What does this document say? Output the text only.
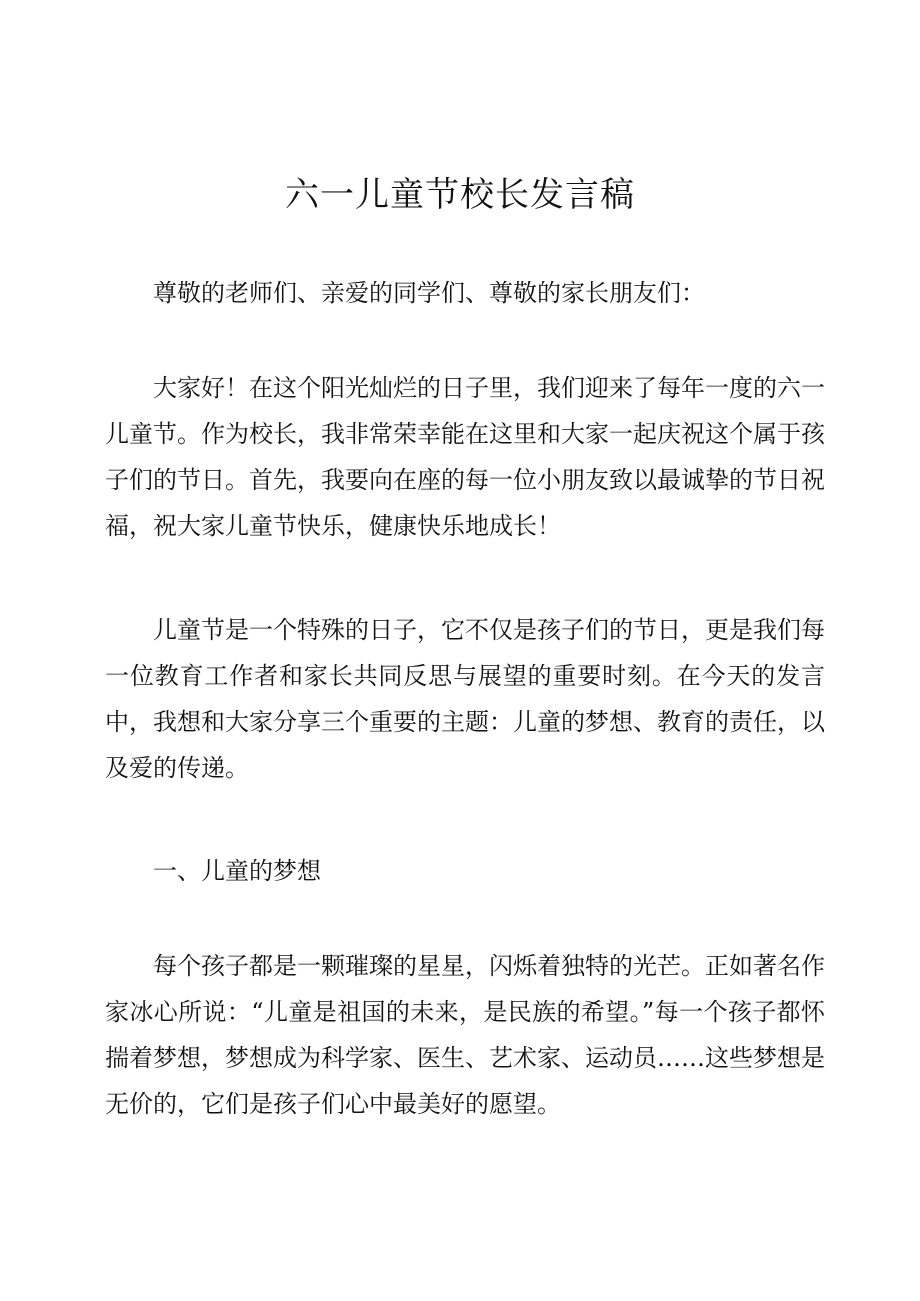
六一儿童节校长发言稿

尊敬的老师们、亲爱的同学们、尊敬的家长朋友们：

大家好！在这个阳光灿烂的日子里，我们迎来了每年一度的六一儿童节。作为校长，我非常荣幸能在这里和大家一起庆祝这个属于孩子们的节日。首先，我要向在座的每一位小朋友致以最诚挚的节日祝福，祝大家儿童节快乐，健康快乐地成长！

儿童节是一个特殊的日子，它不仅是孩子们的节日，更是我们每一位教育工作者和家长共同反思与展望的重要时刻。在今天的发言中，我想和大家分享三个重要的主题：儿童的梦想、教育的责任，以及爱的传递。

一、儿童的梦想

每个孩子都是一颗璀璨的星星，闪烁着独特的光芒。正如著名作家冰心所说：“儿童是祖国的未来，是民族的希望。”每一个孩子都怀揣着梦想，梦想成为科学家、医生、艺术家、运动员……这些梦想是无价的，它们是孩子们心中最美好的愿望。
